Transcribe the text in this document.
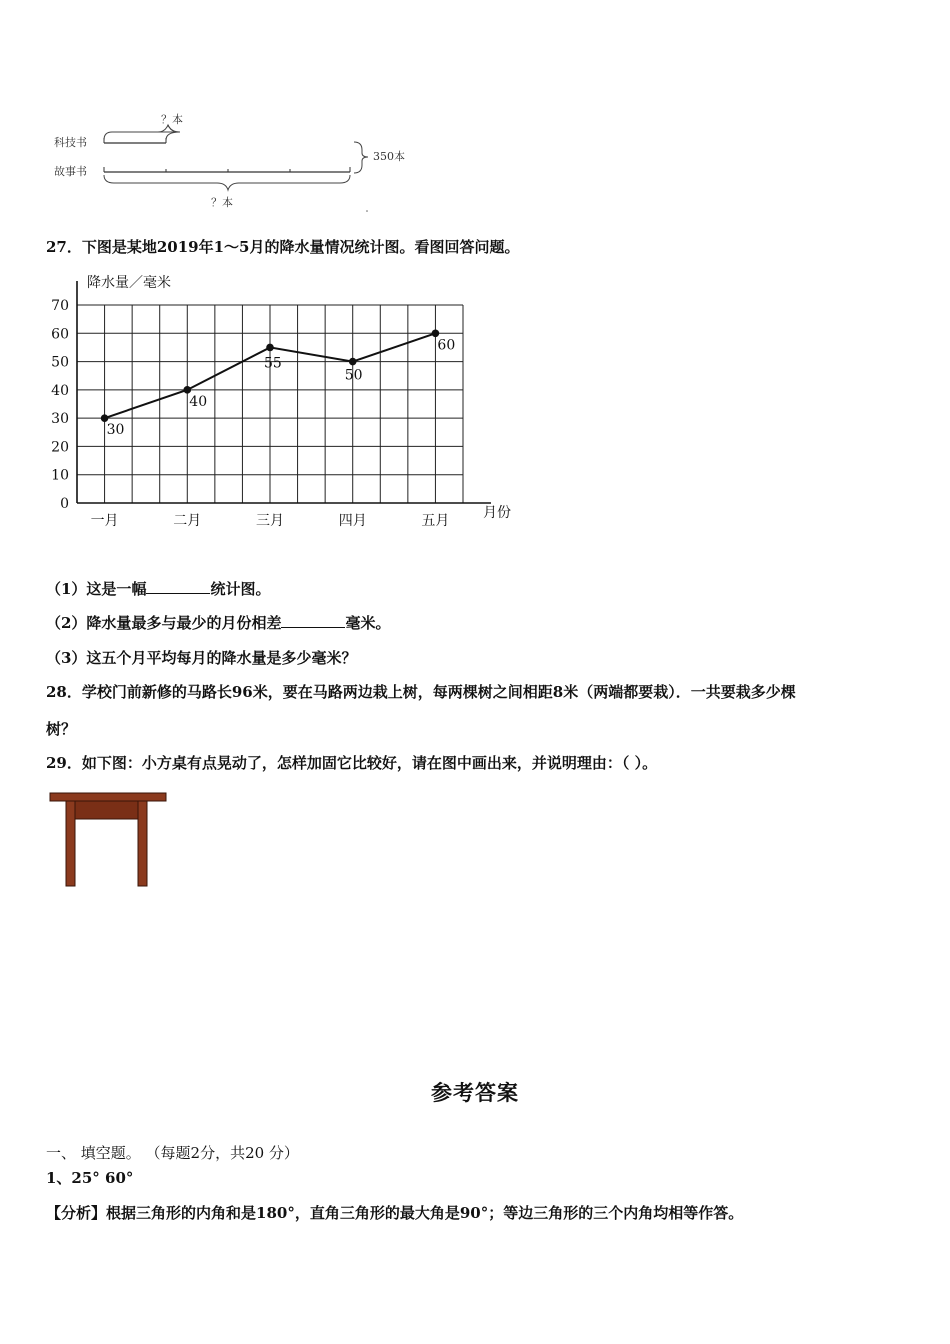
？本
科技书
故事书
？本
350本
27．下图是某地2019年1～5月的降水量情况统计图。看图回答问题。
0
10
20
30
40
50
60
70
一月	二月	三月	四月	五月
降水量／毫米
月份
30
40
55
50
60
（1）这是一幅	统计图。
（2）降水量最多与最少的月份相差	毫米。
（3）这五个月平均每月的降水量是多少毫米？
28．学校门前新修的马路长96米，要在马路两边栽上树，每两棵树之间相距8米（两端都要栽）．一共要栽多少棵
树？
29．如下图：小方桌有点晃动了，怎样加固它比较好，请在图中画出来，并说明理由：（ ）。
参考答案
一、 填空题。 （每题2分，共20 分）
1、25° 60°
【分析】根据三角形的内角和是180°，直角三角形的最大角是90°；等边三角形的三个内角均相等作答。
